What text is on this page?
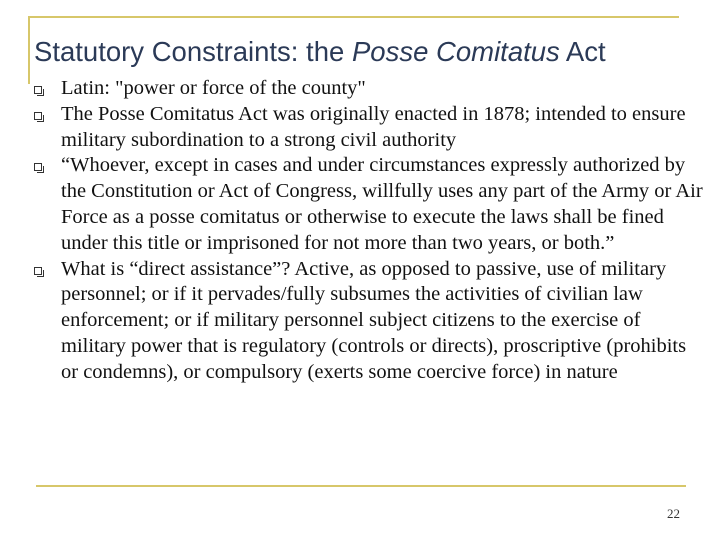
Statutory Constraints: the Posse Comitatus Act
Latin: "power or force of the county"
The Posse Comitatus Act was originally enacted in 1878; intended to ensure military subordination to a strong civil authority
“Whoever, except in cases and under circumstances expressly authorized by the Constitution or Act of Congress, willfully uses any part of the Army or Air Force as a posse comitatus or otherwise to execute the laws shall be fined under this title or imprisoned for not more than two years, or both.”
What is “direct assistance”? Active, as opposed to passive, use of military personnel; or if it pervades/fully subsumes the activities of civilian law enforcement; or if military personnel subject citizens to the exercise of military power that is regulatory (controls or directs), proscriptive (prohibits or condemns), or compulsory (exerts some coercive force) in nature
22
